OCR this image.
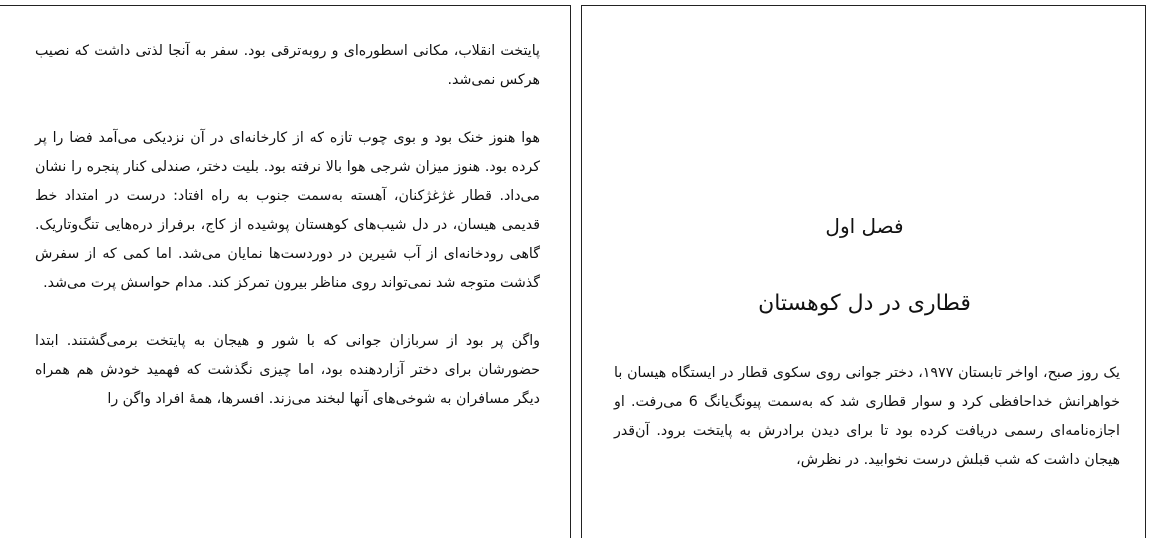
پایتخت انقلاب، مکانی اسطوره‌ای و روبه‌ترقی بود. سفر به آنجا لذتی داشت که نصیب هرکس نمی‌شد.

هوا هنوز خنک بود و بوی چوب تازه که از کارخانه‌ای در آن نزدیکی می‌آمد فضا را پر کرده بود. هنوز میزان شرجی هوا بالا نرفته بود. بلیت دختر، صندلی کنار پنجره را نشان می‌داد. قطار غژغژکنان، آهسته به‌سمت جنوب به راه افتاد: درست در امتداد خط قدیمی هیسان، در دل شیب‌های کوهستان پوشیده از کاج، برفراز دره‌هایی تنگ‌وتاریک. گاهی رودخانه‌ای از آب شیرین در دوردست‌ها نمایان می‌شد. اما کمی که از سفرش گذشت متوجه شد نمی‌تواند روی مناظر بیرون تمرکز کند. مدام حواسش پرت می‌شد.

واگن پر بود از سربازان جوانی که با شور و هیجان به پایتخت برمی‌گشتند. ابتدا حضورشان برای دختر آزاردهنده بود، اما چیزی نگذشت که فهمید خودش هم همراه دیگر مسافران به شوخی‌های آنها لبخند می‌زند. افسرها، همهٔ افراد واگن را

فصل اول
قطاری در دل کوهستان

یک روز صبح، اواخر تابستان ۱۹۷۷، دختر جوانی روی سکوی قطار در ایستگاه هیسان با خواهرانش خداحافظی کرد و سوار قطاری شد که به‌سمت پیونگ‌یانگ 6 می‌رفت. او اجازه‌نامه‌ای رسمی دریافت کرده بود تا برای دیدن برادرش به پایتخت برود. آن‌قدر هیجان داشت که شب قبلش درست نخوابید. در نظرش،
